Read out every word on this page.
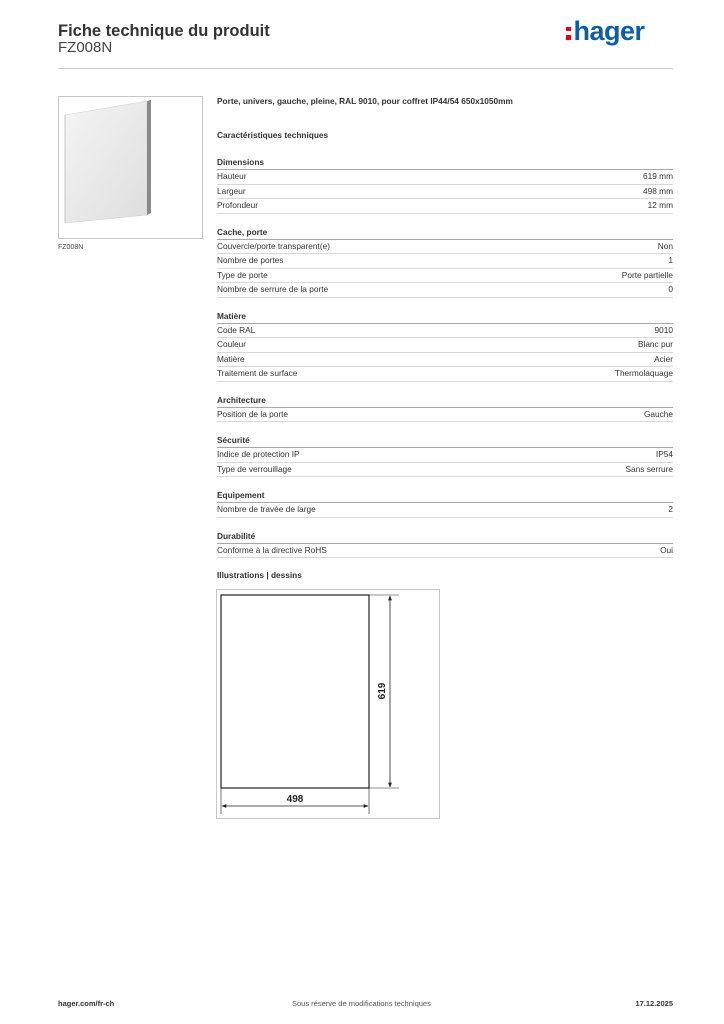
Fiche technique du produit
FZ008N
hager
FZ008N
Porte, univers, gauche, pleine, RAL 9010, pour coffret IP44/54 650x1050mm
Caractéristiques techniques
Dimensions
Hauteur	619 mm
Largeur	498 mm
Profondeur	12 mm
Cache, porte
Couvercle/porte transparent(e)	Non
Nombre de portes	1
Type de porte	Porte partielle
Nombre de serrure de la porte	0
Matière
Code RAL	9010
Couleur	Blanc pur
Matière	Acier
Traitement de surface	Thermolaquage
Architecture
Position de la porte	Gauche
Sécurité
Indice de protection IP	IP54
Type de verrouillage	Sans serrure
Equipement
Nombre de travée de large	2
Durabilité
Conforme à la directive RoHS	Oui
Illustrations | dessins
619
498
hager.com/fr-ch	Sous réserve de modifications techniques	17.12.2025
